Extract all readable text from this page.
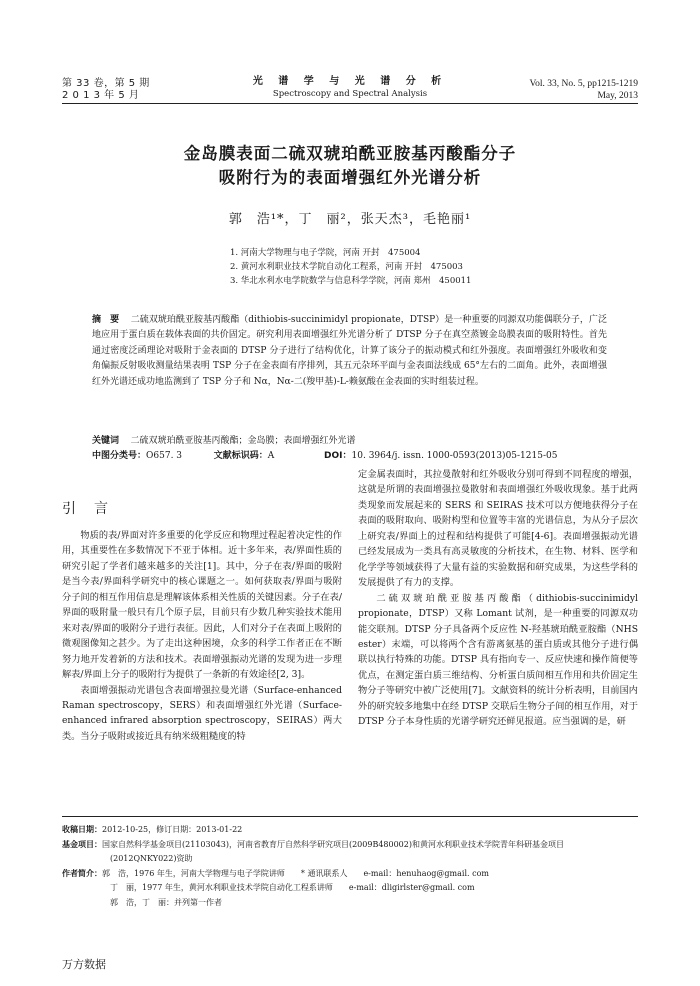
第 33 卷，第 5 期
2 0 1 3 年 5 月
光 谱 学 与 光 谱 分 析
Spectroscopy and Spectral Analysis
Vol. 33, No. 5, pp1215-1219
May, 2013
金岛膜表面二硫双琥珀酰亚胺基丙酸酯分子
吸附行为的表面增强红外光谱分析
郭　浩¹*，丁　丽²，张天杰³，毛艳丽¹
1. 河南大学物理与电子学院，河南 开封　475004
2. 黄河水利职业技术学院自动化工程系，河南 开封　475003
3. 华北水利水电学院数学与信息科学学院，河南 郑州　450011
摘　要 二硫双琥珀酰亚胺基丙酸酯（dithiobis-succinimidyl propionate，DTSP）是一种重要的同源双功能偶联分子，广泛地应用于蛋白质在载体表面的共价固定。研究利用表面增强红外光谱分析了 DTSP 分子在真空蒸镀金岛膜表面的吸附特性。首先通过密度泛函理论对吸附于金表面的 DTSP 分子进行了结构优化，计算了该分子的振动模式和红外强度。表面增强红外吸收和变角偏振反射吸收测量结果表明 TSP 分子在金表面有序排列，其五元杂环平面与金表面法线成 65°左右的二面角。此外，表面增强红外光谱还成功地监测到了 TSP 分子和 Nα，Nα-二(羧甲基)-L-赖氨酸在金表面的实时组装过程。
关键词 二硫双琥珀酰亚胺基丙酸酯；金岛膜；表面增强红外光谱
中图分类号：O657. 3	文献标识码：A	DOI：10. 3964/j. issn. 1000-0593(2013)05-1215-05
引言

物质的表/界面对许多重要的化学反应和物理过程起着决定性的作用，其重要性在多数情况下不亚于体相。近十多年来，表/界面性质的研究引起了学者们越来越多的关注[1]。其中，分子在表/界面的吸附是当今表/界面科学研究中的核心课题之一。如何获取表/界面与吸附分子间的相互作用信息是理解该体系相关性质的关键因素。分子在表/界面的吸附量一般只有几个原子层，目前只有少数几种实验技术能用来对表/界面的吸附分子进行表征。因此，人们对分子在表面上吸附的微观图像知之甚少。为了走出这种困境，众多的科学工作者正在不断努力地开发着新的方法和技术。表面增强振动光谱的发现为进一步理解表/界面上分子的吸附行为提供了一条新的有效途径[2, 3]。

表面增强振动光谱包含表面增强拉曼光谱（Surface-enhanced Raman spectroscopy，SERS）和表面增强红外光谱（Surface-enhanced infrared absorption spectroscopy，SEIRAS）两大类。当分子吸附或接近具有纳米级粗糙度的特

定金属表面时，其拉曼散射和红外吸收分别可得到不同程度的增强，这就是所谓的表面增强拉曼散射和表面增强红外吸收现象。基于此两类现象而发展起来的 SERS 和 SEIRAS 技术可以方便地获得分子在表面的吸附取向、吸附构型和位置等丰富的光谱信息，为从分子层次上研究表/界面上的过程和结构提供了可能[4-6]。表面增强振动光谱已经发展成为一类具有高灵敏度的分析技术，在生物、材料、医学和化学学等领域获得了大量有益的实验数据和研究成果，为这些学科的发展提供了有力的支撑。

二硫双琥珀酰亚胺基丙酸酯（dithiobis-succinimidyl propionate，DTSP）又称 Lomant 试剂，是一种重要的同源双功能交联剂。DTSP 分子具备两个反应性 N-羟基琥珀酰亚胺酯（NHS ester）末端，可以将两个含有游离氨基的蛋白质或其他分子进行偶联以执行特殊的功能。DTSP 具有指向专一、反应快速和操作简便等优点，在测定蛋白质三维结构、分析蛋白质间相互作用和共价固定生物分子等研究中被广泛使用[7]。文献资料的统计分析表明，目前国内外的研究较多地集中在经 DTSP 交联后生物分子间的相互作用，对于 DTSP 分子本身性质的光谱学研究还鲜见报道。应当强调的是，研

收稿日期：2012-10-25，修订日期：2013-01-22
基金项目：国家自然科学基金项目(21103043)，河南省教育厅自然科学研究项目(2009B480002)和黄河水利职业技术学院青年科研基金项目
(2012QNKY022)资助
作者简介：郭　浩，1976 年生，河南大学物理与电子学院讲师　　* 通讯联系人　　e-mail：henuhaog@gmail. com
丁　丽，1977 年生，黄河水利职业技术学院自动化工程系讲师　　e-mail：dligirlster@gmail. com
郭　浩，丁　丽：并列第一作者
万方数据
